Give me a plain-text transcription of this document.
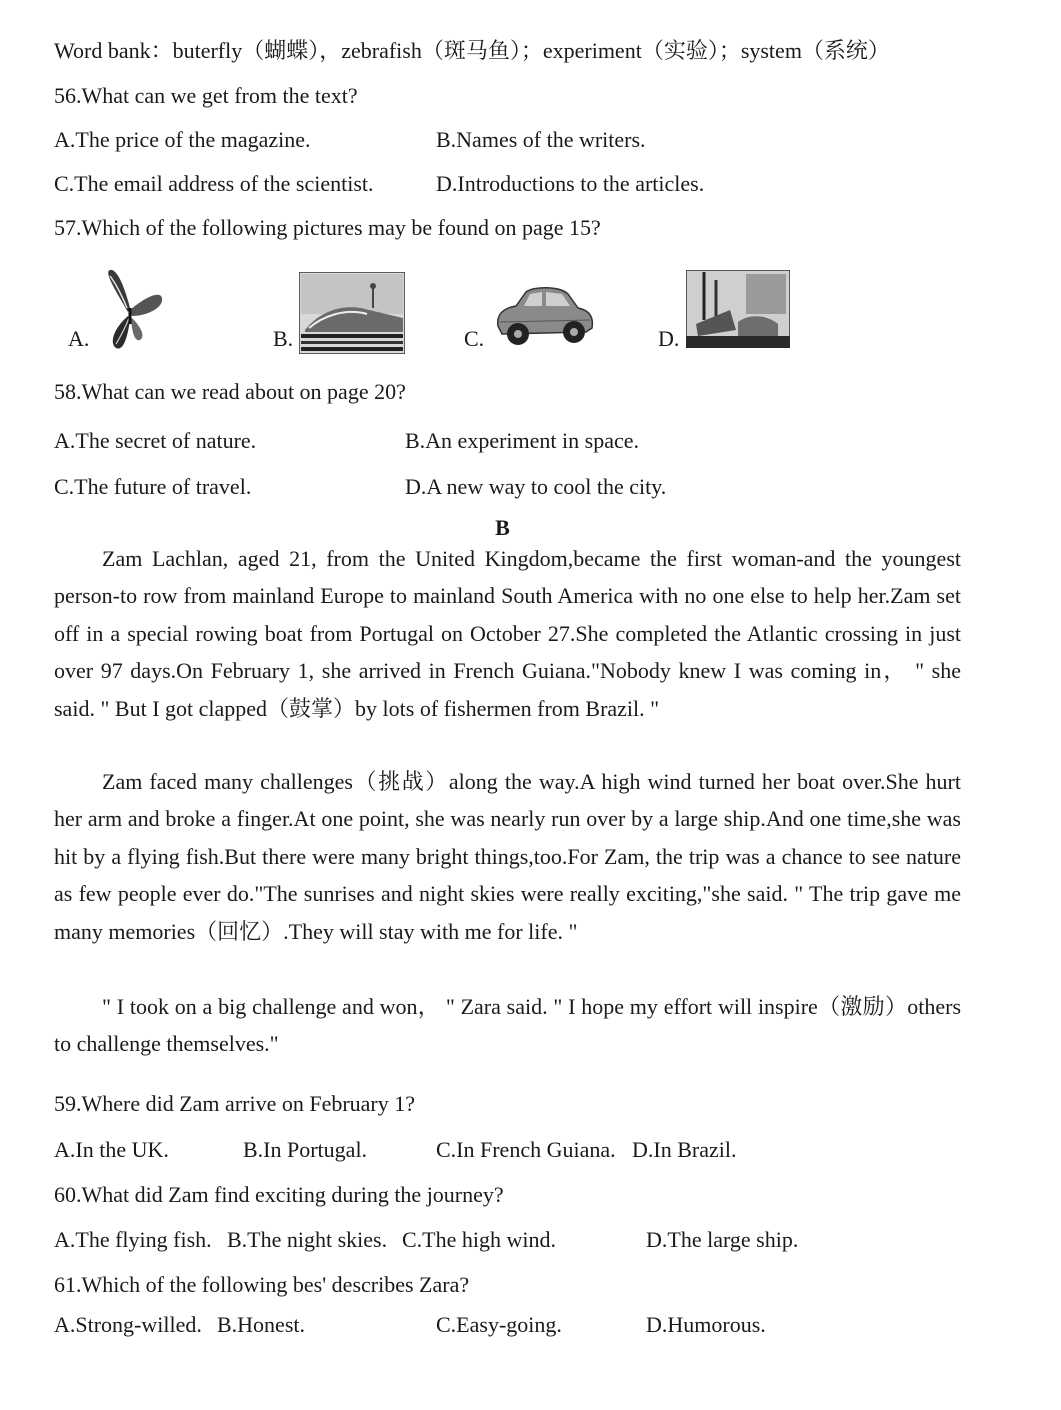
Word bank：buterfly（蝴蝶），zebrafish（斑马鱼）；experiment（实验）；system（系统）
56.What can we get from the text?
A.The price of the magazine.	B.Names of the writers.
C.The email address of the scientist.	D.Introductions to the articles.
57.Which of the following pictures may be found on page 15?
A.	B.	C.	D.
58.What can we read about on page 20?
A.The secret of nature.	B.An experiment in space.
C.The future of travel.	D.A new way to cool the city.
B
Zam Lachlan, aged 21, from the United Kingdom,became the first woman-and the youngest person-to row from mainland Europe to mainland South America with no one else to help her.Zam set off in a special rowing boat from Portugal on October 27.She completed the Atlantic crossing in just over 97 days.On February 1, she arrived in French Guiana."Nobody knew I was coming in， " she said. " But I got clapped（鼓掌）by lots of fishermen from Brazil. "
Zam faced many challenges（挑战）along the way.A high wind turned her boat over.She hurt her arm and broke a finger.At one point, she was nearly run over by a large ship.And one time,she was hit by a flying fish.But there were many bright things,too.For Zam, the trip was a chance to see nature as few people ever do."The sunrises and night skies were really exciting,"she said. " The trip gave me many memories（回忆）.They will stay with me for life. "
" I took on a big challenge and won， " Zara said. " I hope my effort will inspire（激励）others to challenge themselves."
59.Where did Zam arrive on February 1?
A.In the UK.	B.In Portugal.	C.In French Guiana. D.In Brazil.
60.What did Zam find exciting during the journey?
A.The flying fish. B.The night skies. C.The high wind.	D.The large ship.
61.Which of the following bes' describes Zara?
A.Strong-willed. B.Honest.	C.Easy-going.	D.Humorous.
